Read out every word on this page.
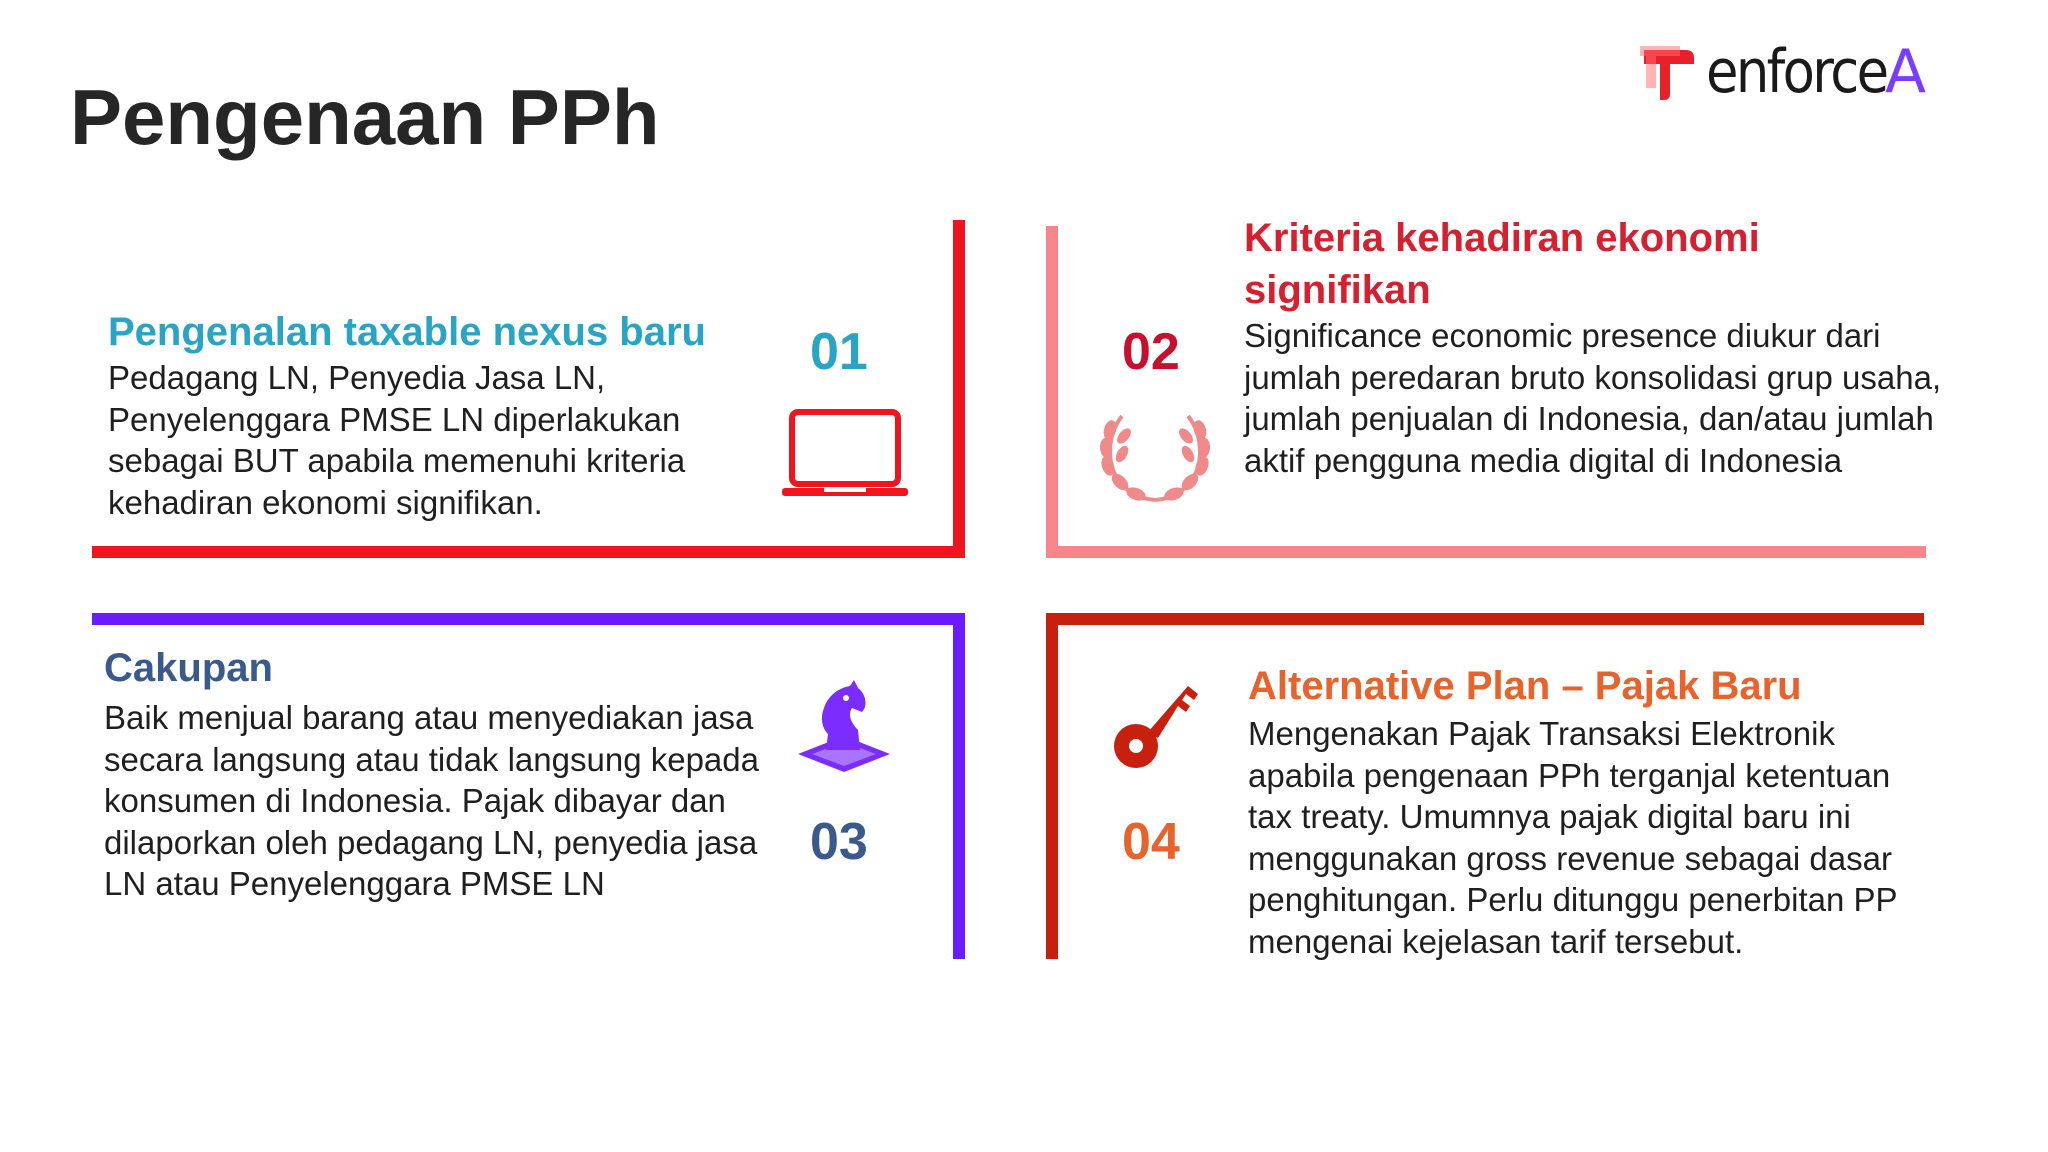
Pengenaan PPh
enforce
A
Pengenalan taxable nexus baru

Pedagang LN, Penyedia Jasa LN, Penyelenggara PMSE LN diperlakukan sebagai BUT apabila memenuhi kriteria kehadiran ekonomi signifikan.

01
Kriteria kehadiran ekonomi signifikan

Significance economic presence diukur dari jumlah peredaran bruto konsolidasi grup usaha, jumlah penjualan di Indonesia, dan/atau jumlah aktif pengguna media digital di Indonesia

02
Cakupan

Baik menjual barang atau menyediakan jasa secara langsung atau tidak langsung kepada konsumen di Indonesia. Pajak dibayar dan dilaporkan oleh pedagang LN, penyedia jasa LN atau Penyelenggara PMSE LN

03
Alternative Plan – Pajak Baru

Mengenakan Pajak Transaksi Elektronik apabila pengenaan PPh terganjal ketentuan tax treaty. Umumnya pajak digital baru ini menggunakan gross revenue sebagai dasar penghitungan. Perlu ditunggu penerbitan PP mengenai kejelasan tarif tersebut.

04
